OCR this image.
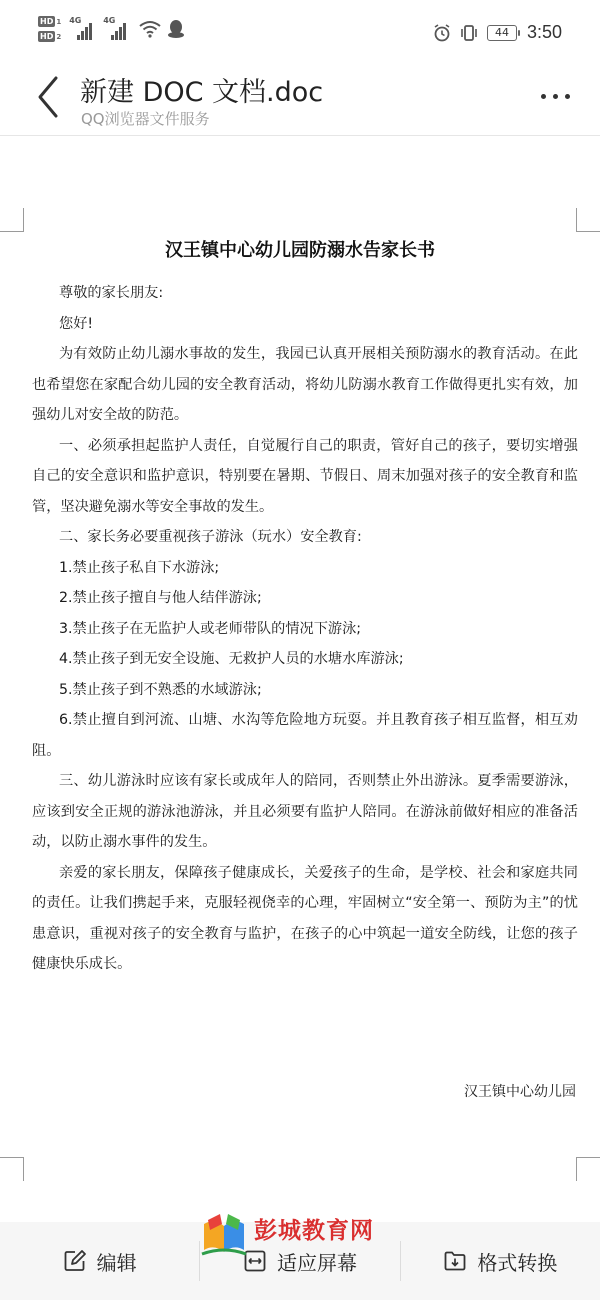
HD 1
HD 2
4G	4G
44 3:50
新建 DOC 文档.doc
QQ浏览器文件服务
汉王镇中心幼儿园防溺水告家长书

尊敬的家长朋友:

您好!

为有效防止幼儿溺水事故的发生，我园已认真开展相关预防溺水的教育活动。在此也希望您在家配合幼儿园的安全教育活动，将幼儿防溺水教育工作做得更扎实有效，加强幼儿对安全故的防范。

一、必须承担起监护人责任，自觉履行自己的职责，管好自己的孩子，要切实增强自己的安全意识和监护意识，特别要在暑期、节假日、周末加强对孩子的安全教育和监管，坚决避免溺水等安全事故的发生。

二、家长务必要重视孩子游泳（玩水）安全教育:

1.禁止孩子私自下水游泳;

2.禁止孩子擅自与他人结伴游泳;

3.禁止孩子在无监护人或老师带队的情况下游泳;

4.禁止孩子到无安全设施、无救护人员的水塘水库游泳;

5.禁止孩子到不熟悉的水域游泳;

6.禁止擅自到河流、山塘、水沟等危险地方玩耍。并且教育孩子相互监督，相互劝阻。

三、幼儿游泳时应该有家长或成年人的陪同，否则禁止外出游泳。夏季需要游泳，应该到安全正规的游泳池游泳，并且必须要有监护人陪同。在游泳前做好相应的准备活动，以防止溺水事件的发生。

亲爱的家长朋友，保障孩子健康成长，关爱孩子的生命，是学校、社会和家庭共同的责任。让我们携起手来，克服轻视侥幸的心理，牢固树立“安全第一、预防为主”的忧患意识，重视对孩子的安全教育与监护，在孩子的心中筑起一道安全防线，让您的孩子健康快乐成长。

汉王镇中心幼儿园
编辑	适应屏幕	格式转换
彭城教育网
